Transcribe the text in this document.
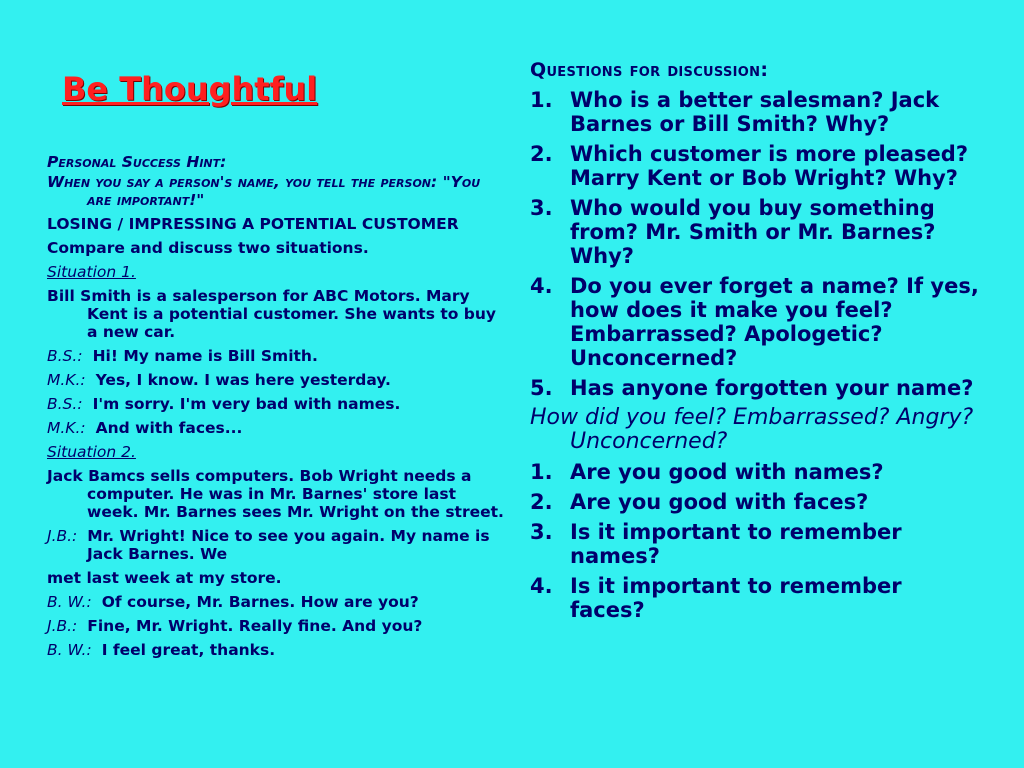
Be Thoughtful

Personal Success Hint:

When you say a person's name, you tell the person: "You are important!"

LOSING / IMPRESSING A POTENTIAL CUSTOMER

Compare and discuss two situations.

Situation 1.

Bill Smith is a salesperson for ABC Motors. Mary Kent is a potential customer. She wants to buy a new car.

B.S.: Hi! My name is Bill Smith.

M.K.: Yes, I know. I was here yesterday.

B.S.: I'm sorry. I'm very bad with names.

M.K.: And with faces...

Situation 2.

Jack Bamcs sells computers. Bob Wright needs a computer. He was in Mr. Barnes' store last week. Mr. Barnes sees Mr. Wright on the street.

J.B.: Mr. Wright! Nice to see you again. My name is Jack Barnes. We

met last week at my store.

B. W.: Of course, Mr. Barnes. How are you?

J.B.: Fine, Mr. Wright. Really fine. And you?

B. W.: I feel great, thanks.

Questions for discussion:

1. Who is a better salesman? Jack Barnes or Bill Smith? Why?
2. Which customer is more pleased? Marry Kent or Bob Wright? Why?
3. Who would you buy something from? Mr. Smith or Mr. Barnes? Why?
4. Do you ever forget a name? If yes, how does it make you feel? Embarrassed? Apologetic? Unconcerned?
5. Has anyone forgotten your name?

How did you feel? Embarrassed? Angry? Unconcerned?

1. Are you good with names?
2. Are you good with faces?
3. Is it important to remember names?
4. Is it important to remember faces?
